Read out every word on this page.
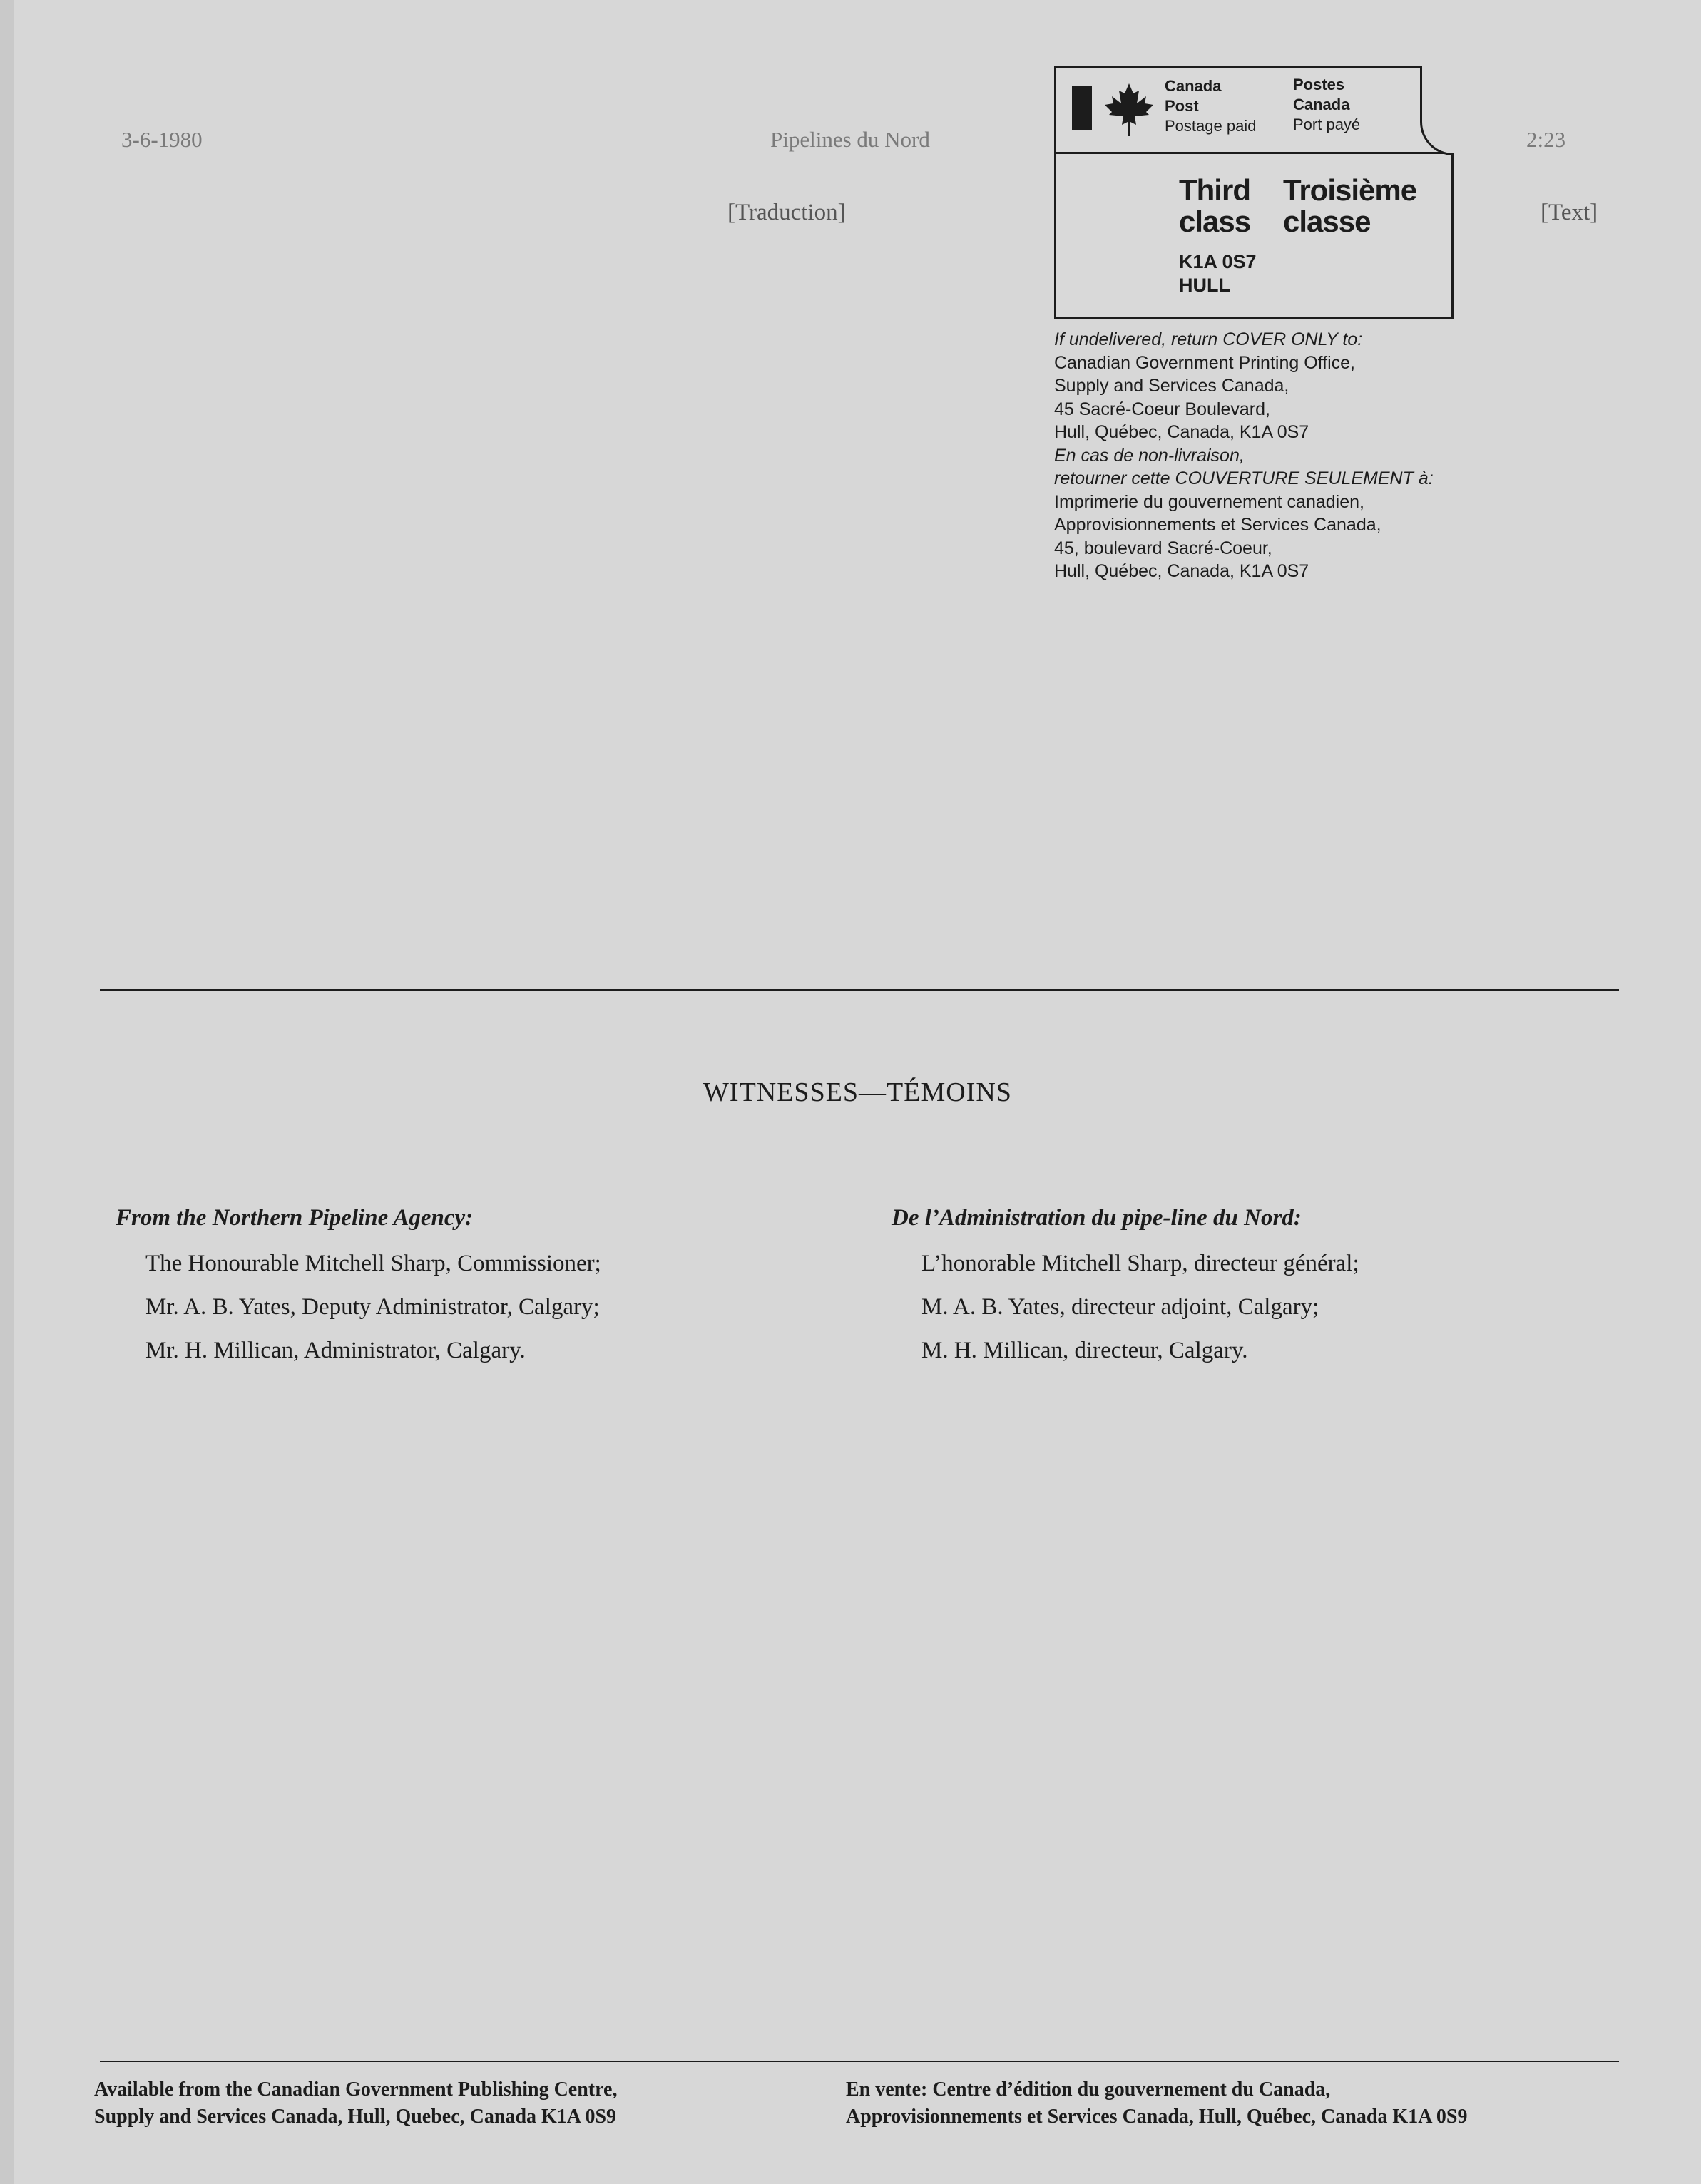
3-6-1980	Pipelines du Nord	2:23
[Text]
[Traduction]
Canada
Post
Postage paid
Postes
Canada
Port payé
Third
class
Troisième
classe
K1A 0S7
HULL
If undelivered, return COVER ONLY to:
Canadian Government Printing Office,
Supply and Services Canada,
45 Sacré-Coeur Boulevard,
Hull, Québec, Canada, K1A 0S7
En cas de non-livraison,
retourner cette COUVERTURE SEULEMENT à:
Imprimerie du gouvernement canadien,
Approvisionnements et Services Canada,
45, boulevard Sacré-Coeur,
Hull, Québec, Canada, K1A 0S7
WITNESSES—TÉMOINS
From the Northern Pipeline Agency:
The Honourable Mitchell Sharp, Commissioner;
Mr. A. B. Yates, Deputy Administrator, Calgary;
Mr. H. Millican, Administrator, Calgary.
De l’Administration du pipe-line du Nord:
L’honorable Mitchell Sharp, directeur général;
M. A. B. Yates, directeur adjoint, Calgary;
M. H. Millican, directeur, Calgary.
Available from the Canadian Government Publishing Centre,
Supply and Services Canada, Hull, Quebec, Canada K1A 0S9
En vente: Centre d’édition du gouvernement du Canada,
Approvisionnements et Services Canada, Hull, Québec, Canada K1A 0S9
